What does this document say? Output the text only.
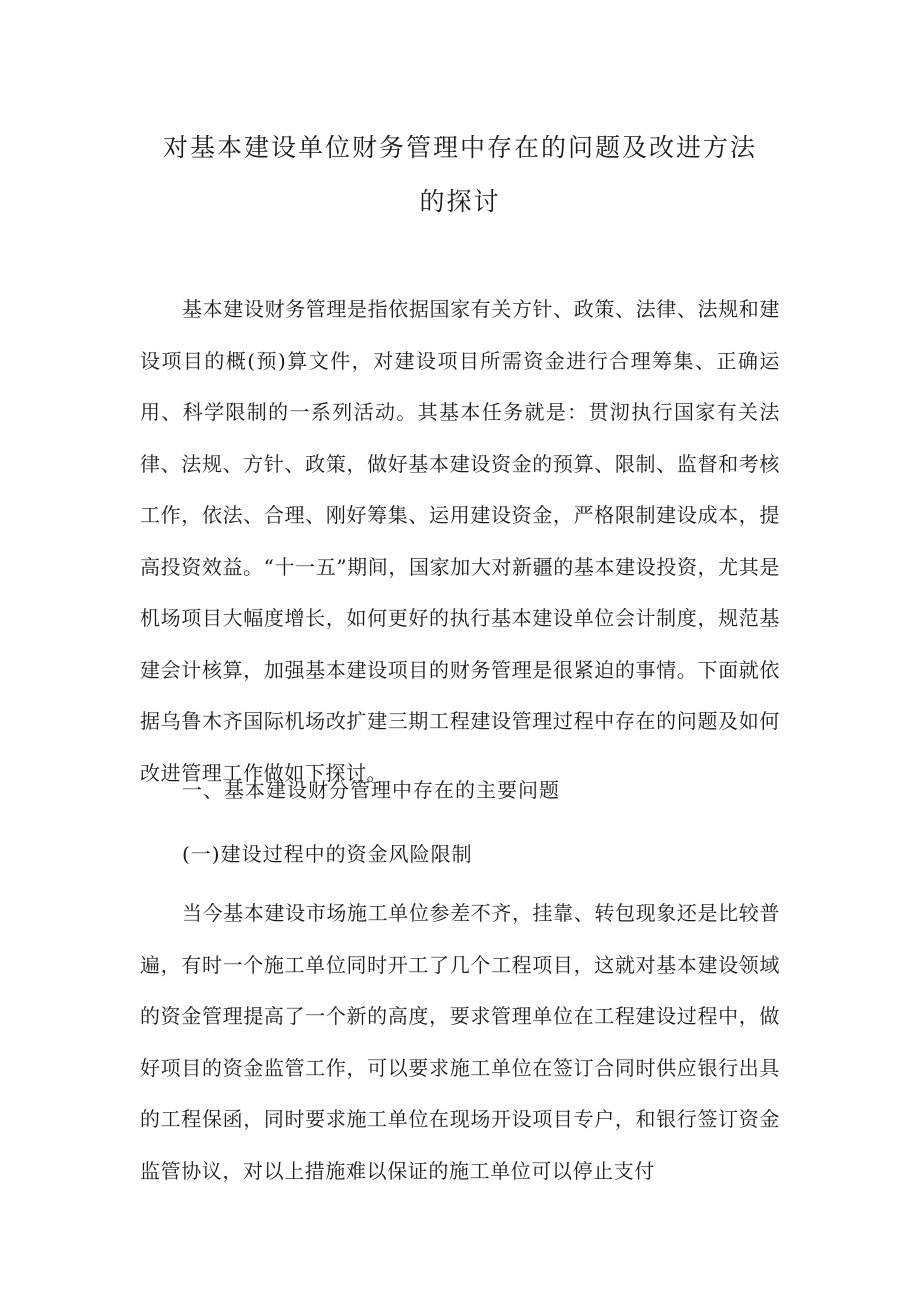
对基本建设单位财务管理中存在的问题及改进方法
的探讨

基本建设财务管理是指依据国家有关方针、政策、法律、法规和建设项目的概(预)算文件，对建设项目所需资金进行合理筹集、正确运用、科学限制的一系列活动。其基本任务就是：贯沏执行国家有关法律、法规、方针、政策，做好基本建设资金的预算、限制、监督和考核工作，依法、合理、刚好筹集、运用建设资金，严格限制建设成本，提高投资效益。“十一五”期间，国家加大对新疆的基本建设投资，尤其是机场项目大幅度增长，如何更好的执行基本建设单位会计制度，规范基建会计核算，加强基本建设项目的财务管理是很紧迫的事情。下面就依据乌鲁木齐国际机场改扩建三期工程建设管理过程中存在的问题及如何改进管理工作做如下探讨。

一、基本建设财分管理中存在的主要问题
(一)建设过程中的资金风险限制

当今基本建设市场施工单位参差不齐，挂靠、转包现象还是比较普遍，有时一个施工单位同时开工了几个工程项目，这就对基本建设领域的资金管理提高了一个新的高度，要求管理单位在工程建设过程中，做好项目的资金监管工作，可以要求施工单位在签订合同时供应银行出具的工程保函，同时要求施工单位在现场开设项目专户，和银行签订资金监管协议，对以上措施难以保证的施工单位可以停止支付
